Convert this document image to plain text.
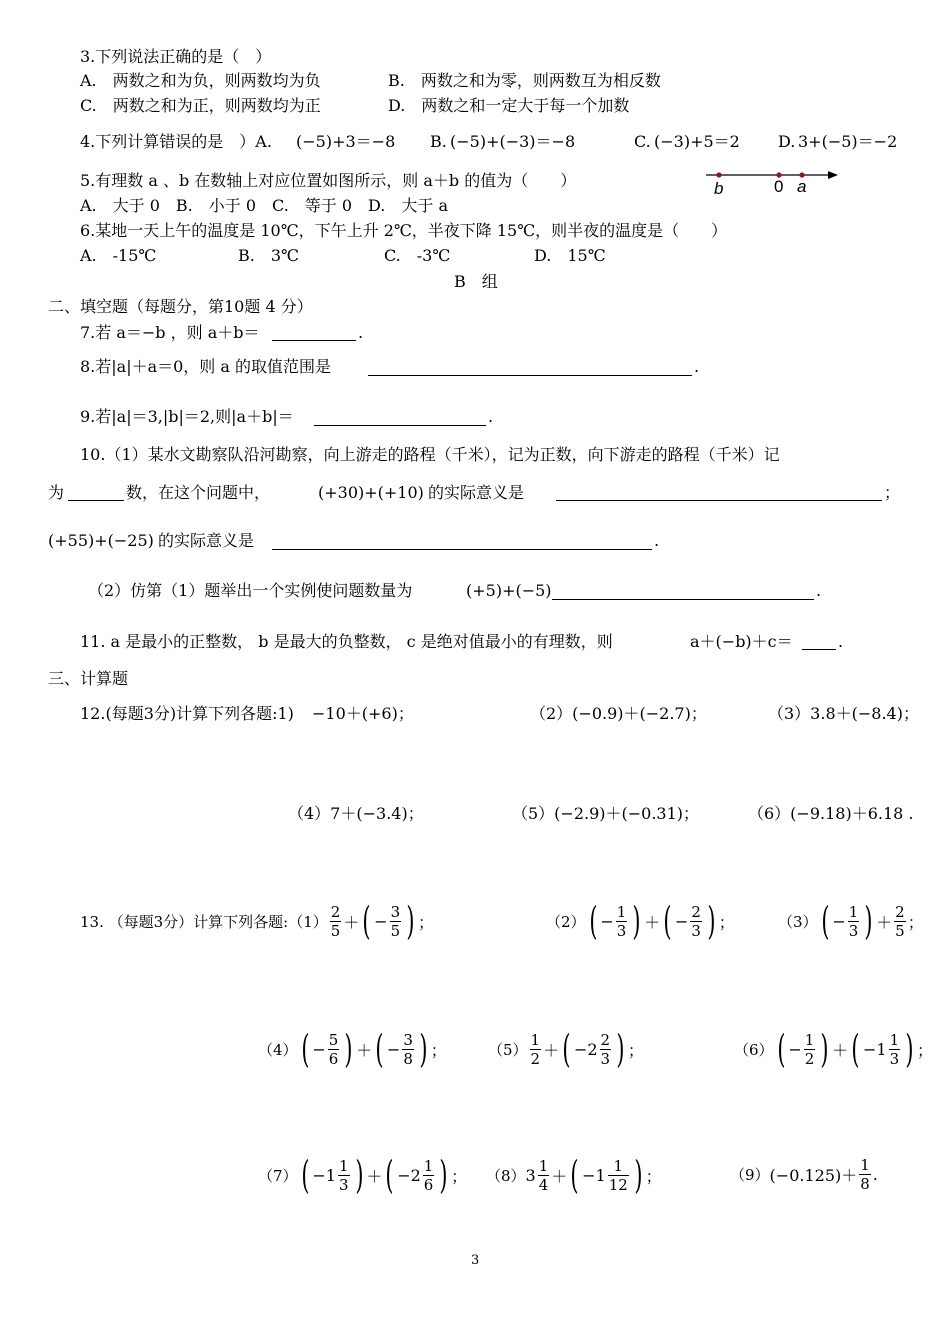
3.下列说法正确的是（　）
A.　两数之和为负，则两数均为负	B.　两数之和为零，则两数互为相反数
C.　两数之和为正，则两数均为正	D.　两数之和一定大于每一个加数
4.下列计算错误的是　）A. (−5)+3＝−8 B. (−5)+(−3)＝−8	C. (−3)+5＝2 D. 3+(−5)＝−2
5.有理数 a 、b 在数轴上对应位置如图所示，则 a＋b 的值为（　　）
A.　大于 0　B.　小于 0　C.　等于 0　D.　大于 a
b	0 a
6.某地一天上午的温度是 10℃，下午上升 2℃，半夜下降 15℃，则半夜的温度是（　　）
A.　-15℃	B.　3℃	C.　-3℃	D.　15℃
B　组
二、填空题（每题分，第10题 4 分）
7.若 a＝−b ，则 a＋b＝	.
8.若|a|＋a＝0，则 a 的取值范围是	.
9.若|a|＝3,|b|＝2,则|a＋b|＝	.
10.（1）某水文勘察队沿河勘察，向上游走的路程（千米），记为正数，向下游走的路程（千米）记
为	数，在这个问题中，	(+30)+(+10) 的实际意义是	；
(+55)+(−25) 的实际意义是	.
（2）仿第（1）题举出一个实例使问题数量为	(+5)+(−5)	.
11. a 是最小的正整数， b 是最大的负整数， c 是绝对值最小的有理数，则	a＋(−b)＋c＝	.
三、计算题
12.(每题3分)计算下列各题:1) −10＋(+6)；	（2）(−0.9)＋(−2.7)；	（3）3.8＋(−8.4)；
（4）7＋(−3.4)；	（5）(−2.9)＋(−0.31)；	（6）(−9.18)＋6.18 .
13. （每题3分）计算下列各题:（1） $\frac{2}{5}$ ＋ ( − $\frac{3}{5}$ ) ；	（2） ( − $\frac{1}{3}$ ) ＋ ( − $\frac{2}{3}$ ) ；	（3） ( − $\frac{1}{3}$ ) ＋ $\frac{2}{5}$ ；
（4） ( − $\frac{5}{6}$ ) ＋ ( − $\frac{3}{8}$ ) ；	$(5) \frac{1}{2}$ ＋ ( − $2 \frac{2}{3}$ ) ；	（6） ( − $\frac{1}{2}$ ) ＋ ( − $1 \frac{1}{3}$ ) ；
（7） ( − $1 \frac{1}{3}$ ) ＋ ( − $2 \frac{1}{6}$ ) ； （8） $3 \frac{1}{4}$ ＋ ( − $1 \frac{1}{12}$ ) ；	（9） $(-0.125)+ \frac{1}{8}$ .
3
